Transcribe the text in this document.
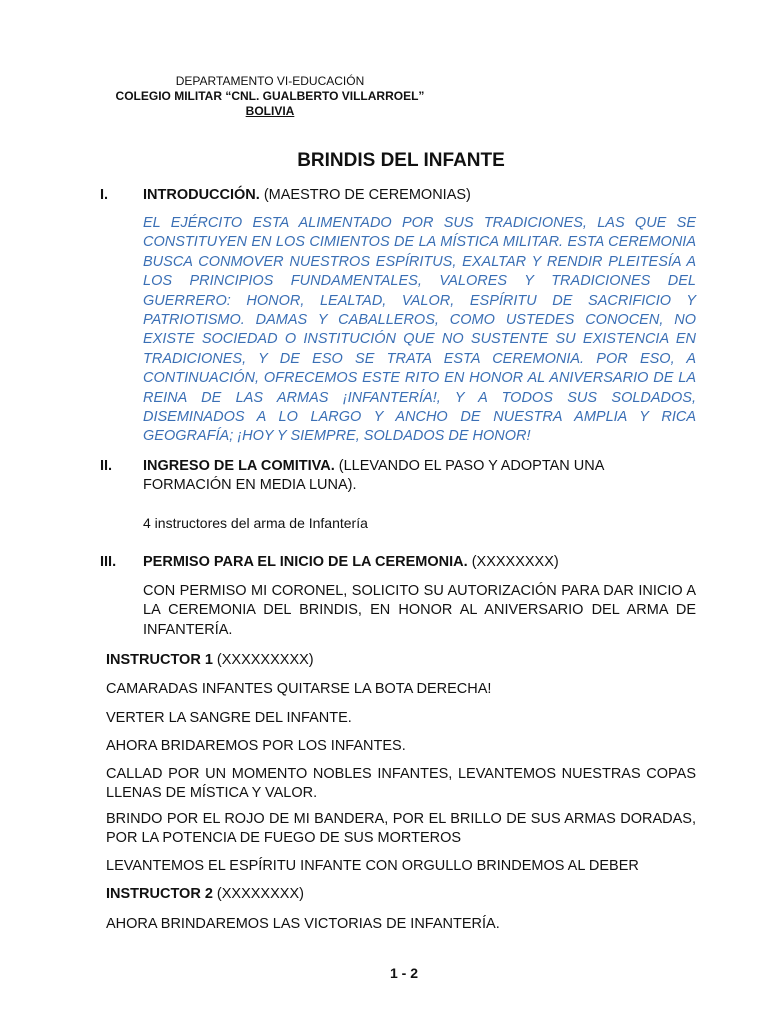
DEPARTAMENTO VI-EDUCACIÓN
COLEGIO MILITAR “CNL. GUALBERTO VILLARROEL”
BOLIVIA
BRINDIS DEL INFANTE
I. INTRODUCCIÓN. (MAESTRO DE CEREMONIAS)
EL EJÉRCITO ESTA ALIMENTADO POR SUS TRADICIONES, LAS QUE SE CONSTITUYEN EN LOS CIMIENTOS DE LA MÍSTICA MILITAR. ESTA CEREMONIA BUSCA CONMOVER NUESTROS ESPÍRITUS, EXALTAR Y RENDIR PLEITESÍA A LOS PRINCIPIOS FUNDAMENTALES, VALORES Y TRADICIONES DEL GUERRERO: HONOR, LEALTAD, VALOR, ESPÍRITU DE SACRIFICIO Y PATRIOTISMO. DAMAS Y CABALLEROS, COMO USTEDES CONOCEN, NO EXISTE SOCIEDAD O INSTITUCIÓN QUE NO SUSTENTE SU EXISTENCIA EN TRADICIONES, Y DE ESO SE TRATA ESTA CEREMONIA. POR ESO, A CONTINUACIÓN, OFRECEMOS ESTE RITO EN HONOR AL ANIVERSARIO DE LA REINA DE LAS ARMAS ¡INFANTERÍA!, Y A TODOS SUS SOLDADOS, DISEMINADOS A LO LARGO Y ANCHO DE NUESTRA AMPLIA Y RICA GEOGRAFÍA; ¡HOY Y SIEMPRE, SOLDADOS DE HONOR!
II. INGRESO DE LA COMITIVA. (LLEVANDO EL PASO Y ADOPTAN UNA FORMACIÓN EN MEDIA LUNA).
4 instructores del arma de Infantería
III. PERMISO PARA EL INICIO DE LA CEREMONIA. (XXXXXXXX)
CON PERMISO MI CORONEL, SOLICITO SU AUTORIZACIÓN PARA DAR INICIO A LA CEREMONIA DEL BRINDIS, EN HONOR AL ANIVERSARIO DEL ARMA DE INFANTERÍA.
INSTRUCTOR 1 (XXXXXXXXX)
CAMARADAS INFANTES QUITARSE LA BOTA DERECHA!
VERTER LA SANGRE DEL INFANTE.
AHORA BRIDAREMOS POR LOS INFANTES.
CALLAD POR UN MOMENTO NOBLES INFANTES, LEVANTEMOS NUESTRAS COPAS LLENAS DE MÍSTICA Y VALOR.
BRINDO POR EL ROJO DE MI BANDERA, POR EL BRILLO DE SUS ARMAS DORADAS, POR LA POTENCIA DE FUEGO DE SUS MORTEROS
LEVANTEMOS EL ESPÍRITU INFANTE CON ORGULLO BRINDEMOS AL DEBER
INSTRUCTOR 2 (XXXXXXXX)
AHORA BRINDAREMOS LAS VICTORIAS DE INFANTERÍA.
1 - 2
